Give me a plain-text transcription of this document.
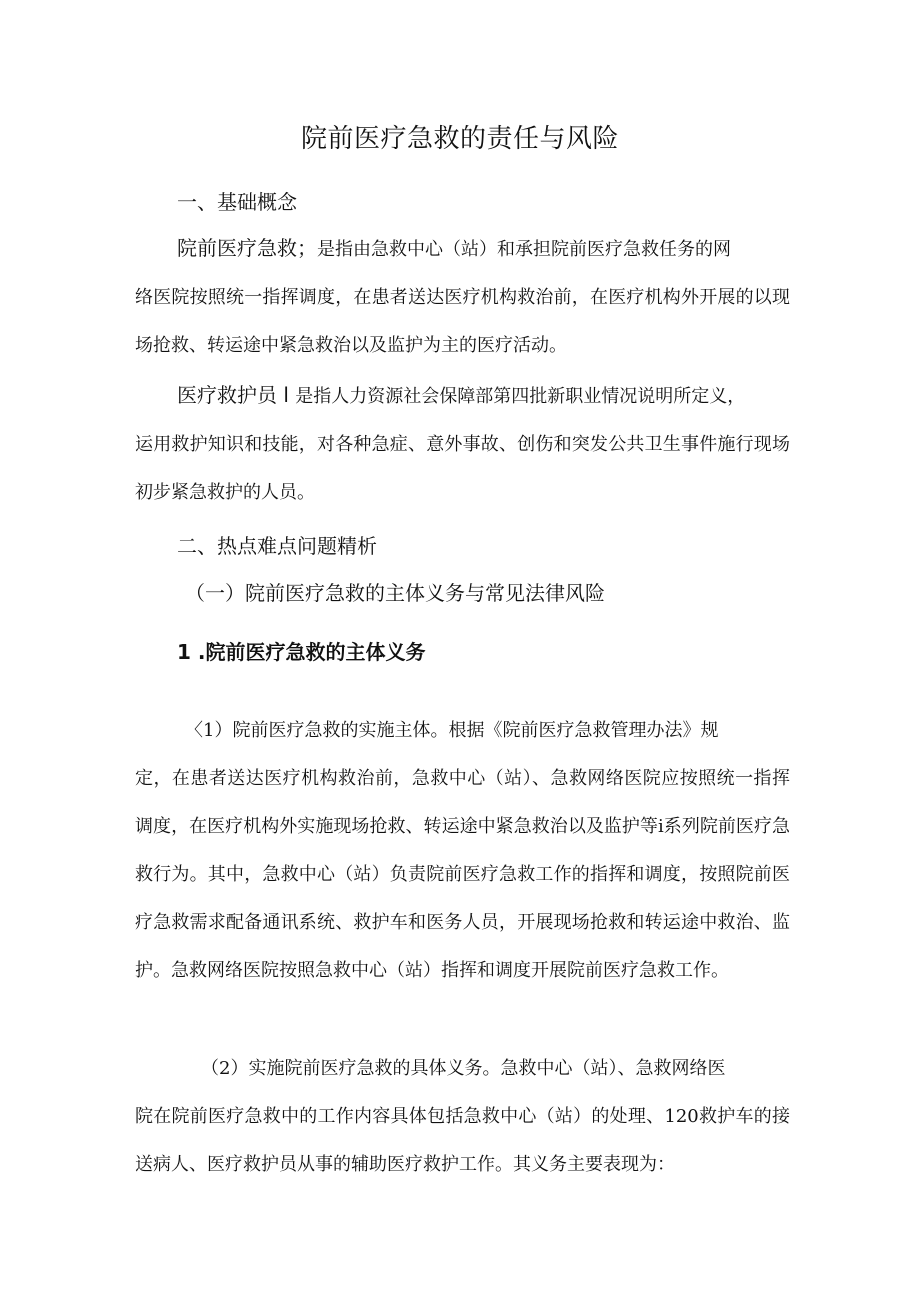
院前医疗急救的责任与风险
一、基础概念
院前医疗急救；是指由急救中心（站）和承担院前医疗急救任务的网
络医院按照统一指挥调度，在患者送达医疗机构救治前，在医疗机构外开展的以现场抢救、转运途中紧急救治以及监护为主的医疗活动。
医疗救护员 l 是指人力资源社会保障部第四批新职业情况说明所定义，
运用救护知识和技能，对各种急症、意外事故、创伤和突发公共卫生事件施行现场初步紧急救护的人员。
二、热点难点问题精析
（一）院前医疗急救的主体义务与常见法律风险
1 .院前医疗急救的主体义务
〈1）院前医疗急救的实施主体。根据《院前医疗急救管理办法》规
定，在患者送达医疗机构救治前，急救中心（站）、急救网络医院应按照统一指挥调度，在医疗机构外实施现场抢救、转运途中紧急救治以及监护等i系列院前医疗急救行为。其中，急救中心（站）负责院前医疗急救工作的指挥和调度，按照院前医疗急救需求配备通讯系统、救护车和医务人员，开展现场抢救和转运途中救治、监护。急救网络医院按照急救中心（站）指挥和调度开展院前医疗急救工作。
（2）实施院前医疗急救的具体义务。急救中心（站）、急救网络医
院在院前医疗急救中的工作内容具体包括急救中心（站）的处理、120救护车的接送病人、医疗救护员从事的辅助医疗救护工作。其义务主要表现为：
